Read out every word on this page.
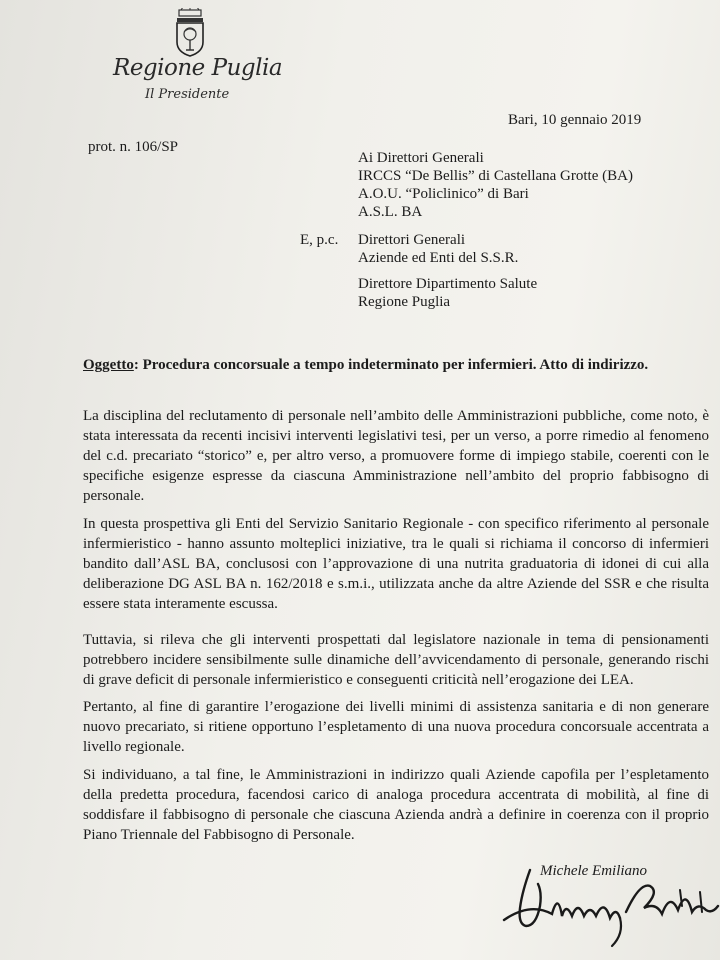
Regione Puglia
Il Presidente
Bari, 10 gennaio 2019
prot. n. 106/SP
Ai Direttori Generali
IRCCS “De Bellis” di Castellana Grotte (BA)
A.O.U. “Policlinico” di Bari
A.S.L. BA
E, p.c. Direttori Generali
Aziende ed Enti del S.S.R.
Direttore Dipartimento Salute
Regione Puglia
Oggetto: Procedura concorsuale a tempo indeterminato per infermieri. Atto di indirizzo.
La disciplina del reclutamento di personale nell’ambito delle Amministrazioni pubbliche, come noto, è stata interessata da recenti incisivi interventi legislativi tesi, per un verso, a porre rimedio al fenomeno del c.d. precariato “storico” e, per altro verso, a promuovere forme di impiego stabile, coerenti con le specifiche esigenze espresse da ciascuna Amministrazione nell’ambito del proprio fabbisogno di personale.
In questa prospettiva gli Enti del Servizio Sanitario Regionale - con specifico riferimento al personale infermieristico - hanno assunto molteplici iniziative, tra le quali si richiama il concorso di infermieri bandito dall’ASL BA, conclusosi con l’approvazione di una nutrita graduatoria di idonei di cui alla deliberazione DG ASL BA n. 162/2018 e s.m.i., utilizzata anche da altre Aziende del SSR e che risulta essere stata interamente escussa.
Tuttavia, si rileva che gli interventi prospettati dal legislatore nazionale in tema di pensionamenti potrebbero incidere sensibilmente sulle dinamiche dell’avvicendamento di personale, generando rischi di grave deficit di personale infermieristico e conseguenti criticità nell’erogazione dei LEA.
Pertanto, al fine di garantire l’erogazione dei livelli minimi di assistenza sanitaria e di non generare nuovo precariato, si ritiene opportuno l’espletamento di una nuova procedura concorsuale accentrata a livello regionale.
Si individuano, a tal fine, le Amministrazioni in indirizzo quali Aziende capofila per l’espletamento della predetta procedura, facendosi carico di analoga procedura accentrata di mobilità, al fine di soddisfare il fabbisogno di personale che ciascuna Azienda andrà a definire in coerenza con il proprio Piano Triennale del Fabbisogno di Personale.
Michele Emiliano
